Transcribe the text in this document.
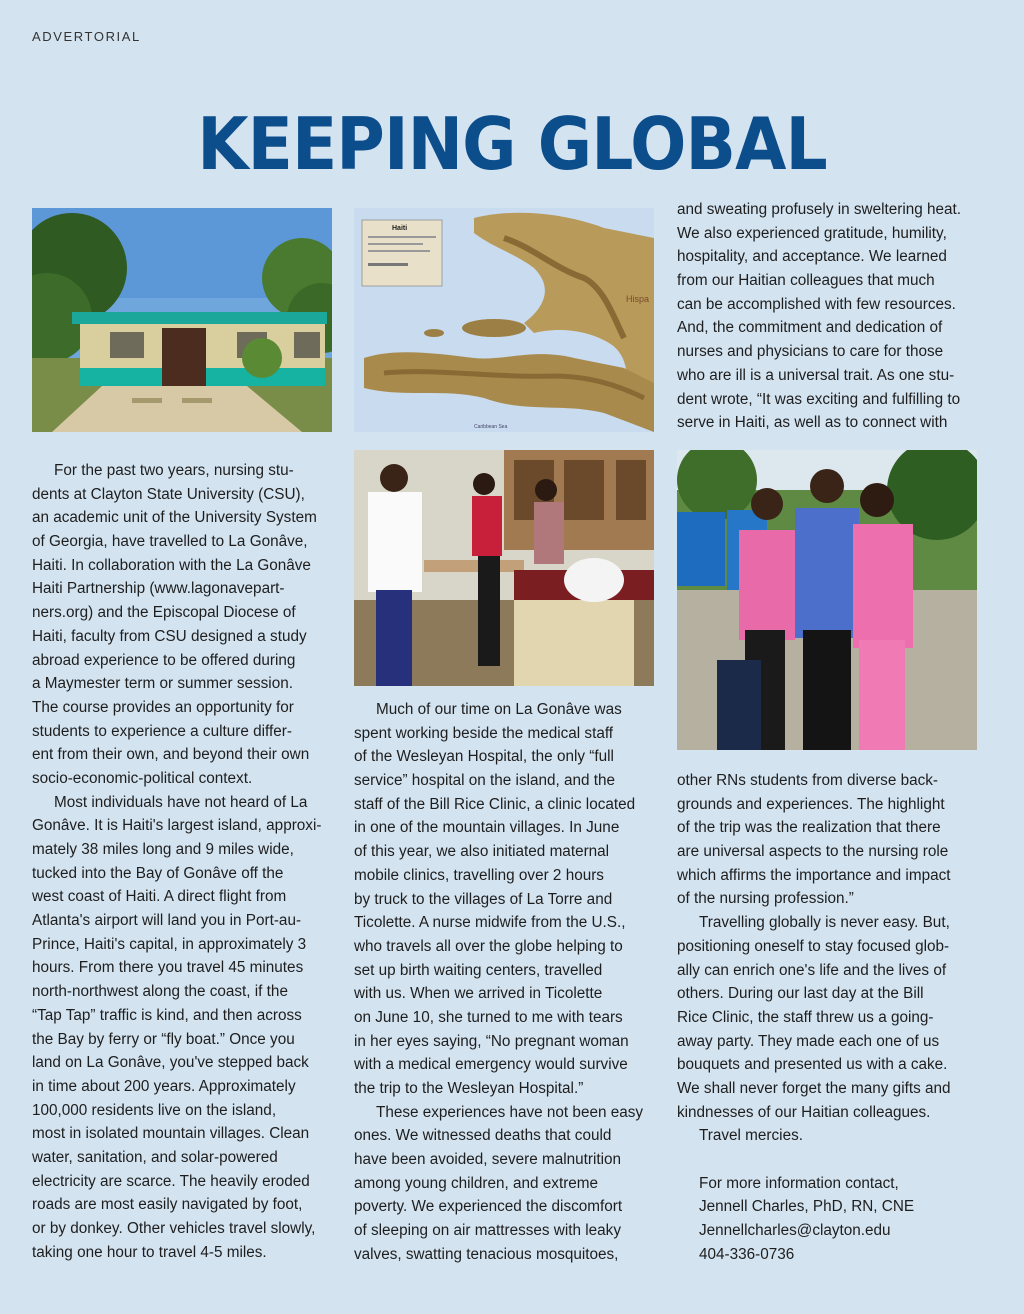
ADVERTORIAL
KEEPING GLOBAL
Haiti
Hispa
Caribbean Sea
For the past two years, nursing stu-
dents at Clayton State University (CSU),
an academic unit of the University System
of Georgia, have travelled to La Gonâve,
Haiti. In collaboration with the La Gonâve
Haiti Partnership (www.lagonavepart-
ners.org) and the Episcopal Diocese of
Haiti, faculty from CSU designed a study
abroad experience to be offered during
a Maymester term or summer session.
The course provides an opportunity for
students to experience a culture differ-
ent from their own, and beyond their own
socio-economic-political context.
Most individuals have not heard of La
Gonâve. It is Haiti's largest island, approxi-
mately 38 miles long and 9 miles wide,
tucked into the Bay of Gonâve off the
west coast of Haiti. A direct flight from
Atlanta's airport will land you in Port-au-
Prince, Haiti's capital, in approximately 3
hours. From there you travel 45 minutes
north-northwest along the coast, if the
“Tap Tap” traffic is kind, and then across
the Bay by ferry or “fly boat.” Once you
land on La Gonâve, you've stepped back
in time about 200 years. Approximately
100,000 residents live on the island,
most in isolated mountain villages. Clean
water, sanitation, and solar-powered
electricity are scarce. The heavily eroded
roads are most easily navigated by foot,
or by donkey. Other vehicles travel slowly,
taking one hour to travel 4-5 miles.
Much of our time on La Gonâve was
spent working beside the medical staff
of the Wesleyan Hospital, the only “full
service” hospital on the island, and the
staff of the Bill Rice Clinic, a clinic located
in one of the mountain villages. In June
of this year, we also initiated maternal
mobile clinics, travelling over 2 hours
by truck to the villages of La Torre and
Ticolette. A nurse midwife from the U.S.,
who travels all over the globe helping to
set up birth waiting centers, travelled
with us. When we arrived in Ticolette
on June 10, she turned to me with tears
in her eyes saying, “No pregnant woman
with a medical emergency would survive
the trip to the Wesleyan Hospital.”
These experiences have not been easy
ones. We witnessed deaths that could
have been avoided, severe malnutrition
among young children, and extreme
poverty. We experienced the discomfort
of sleeping on air mattresses with leaky
valves, swatting tenacious mosquitoes,
and sweating profusely in sweltering heat.
We also experienced gratitude, humility,
hospitality, and acceptance. We learned
from our Haitian colleagues that much
can be accomplished with few resources.
And, the commitment and dedication of
nurses and physicians to care for those
who are ill is a universal trait. As one stu-
dent wrote, “It was exciting and fulfilling to
serve in Haiti, as well as to connect with
other RNs students from diverse back-
grounds and experiences. The highlight
of the trip was the realization that there
are universal aspects to the nursing role
which affirms the importance and impact
of the nursing profession.”
Travelling globally is never easy. But,
positioning oneself to stay focused glob-
ally can enrich one's life and the lives of
others. During our last day at the Bill
Rice Clinic, the staff threw us a going-
away party. They made each one of us
bouquets and presented us with a cake.
We shall never forget the many gifts and
kindnesses of our Haitian colleagues.
Travel mercies.
For more information contact,
Jennell Charles, PhD, RN, CNE
Jennellcharles@clayton.edu
404-336-0736
